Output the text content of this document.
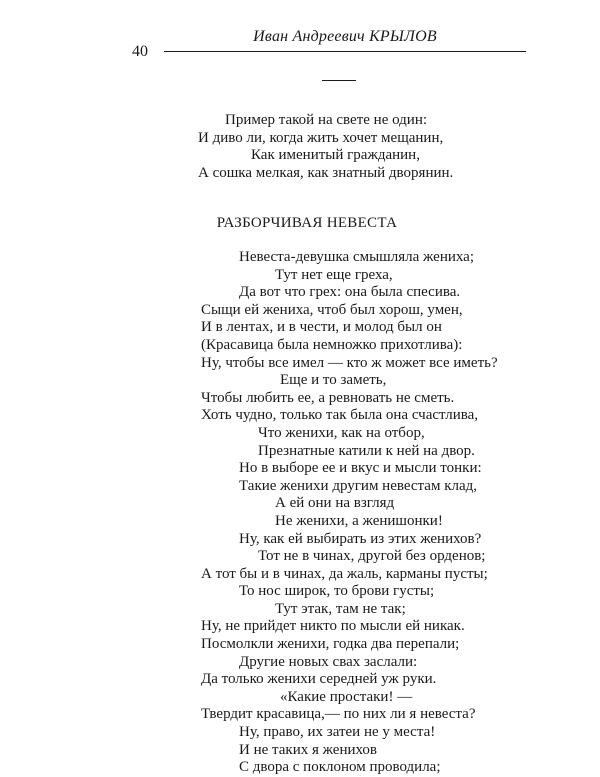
40
Иван Андреевич КРЫЛОВ
Пример такой на свете не один:
И диво ли, когда жить хочет мещанин,
Как именитый гражданин,
А сошка мелкая, как знатный дворянин.
РАЗБОРЧИВАЯ НЕВЕСТА
Невеста-девушка смышляла жениха;
Тут нет еще греха,
Да вот что грех: она была спесива.
Сыщи ей жениха, чтоб был хорош, умен,
И в лентах, и в чести, и молод был он
(Красавица была немножко прихотлива):
Ну, чтобы все имел — кто ж может все иметь?
Еще и то заметь,
Чтобы любить ее, а ревновать не сметь.
Хоть чудно, только так была она счастлива,
Что женихи, как на отбор,
Презнатные катили к ней на двор.
Но в выборе ее и вкус и мысли тонки:
Такие женихи другим невестам клад,
А ей они на взгляд
Не женихи, а женишонки!
Ну, как ей выбирать из этих женихов?
Тот не в чинах, другой без орденов;
А тот бы и в чинах, да жаль, карманы пусты;
То нос широк, то брови густы;
Тут этак, там не так;
Ну, не прийдет никто по мысли ей никак.
Посмолкли женихи, годка два перепали;
Другие новых свах заслали:
Да только женихи середней уж руки.
«Какие простаки! —
Твердит красавица,— по них ли я невеста?
Ну, право, их затеи не у места!
И не таких я женихов
С двора с поклоном проводила;
